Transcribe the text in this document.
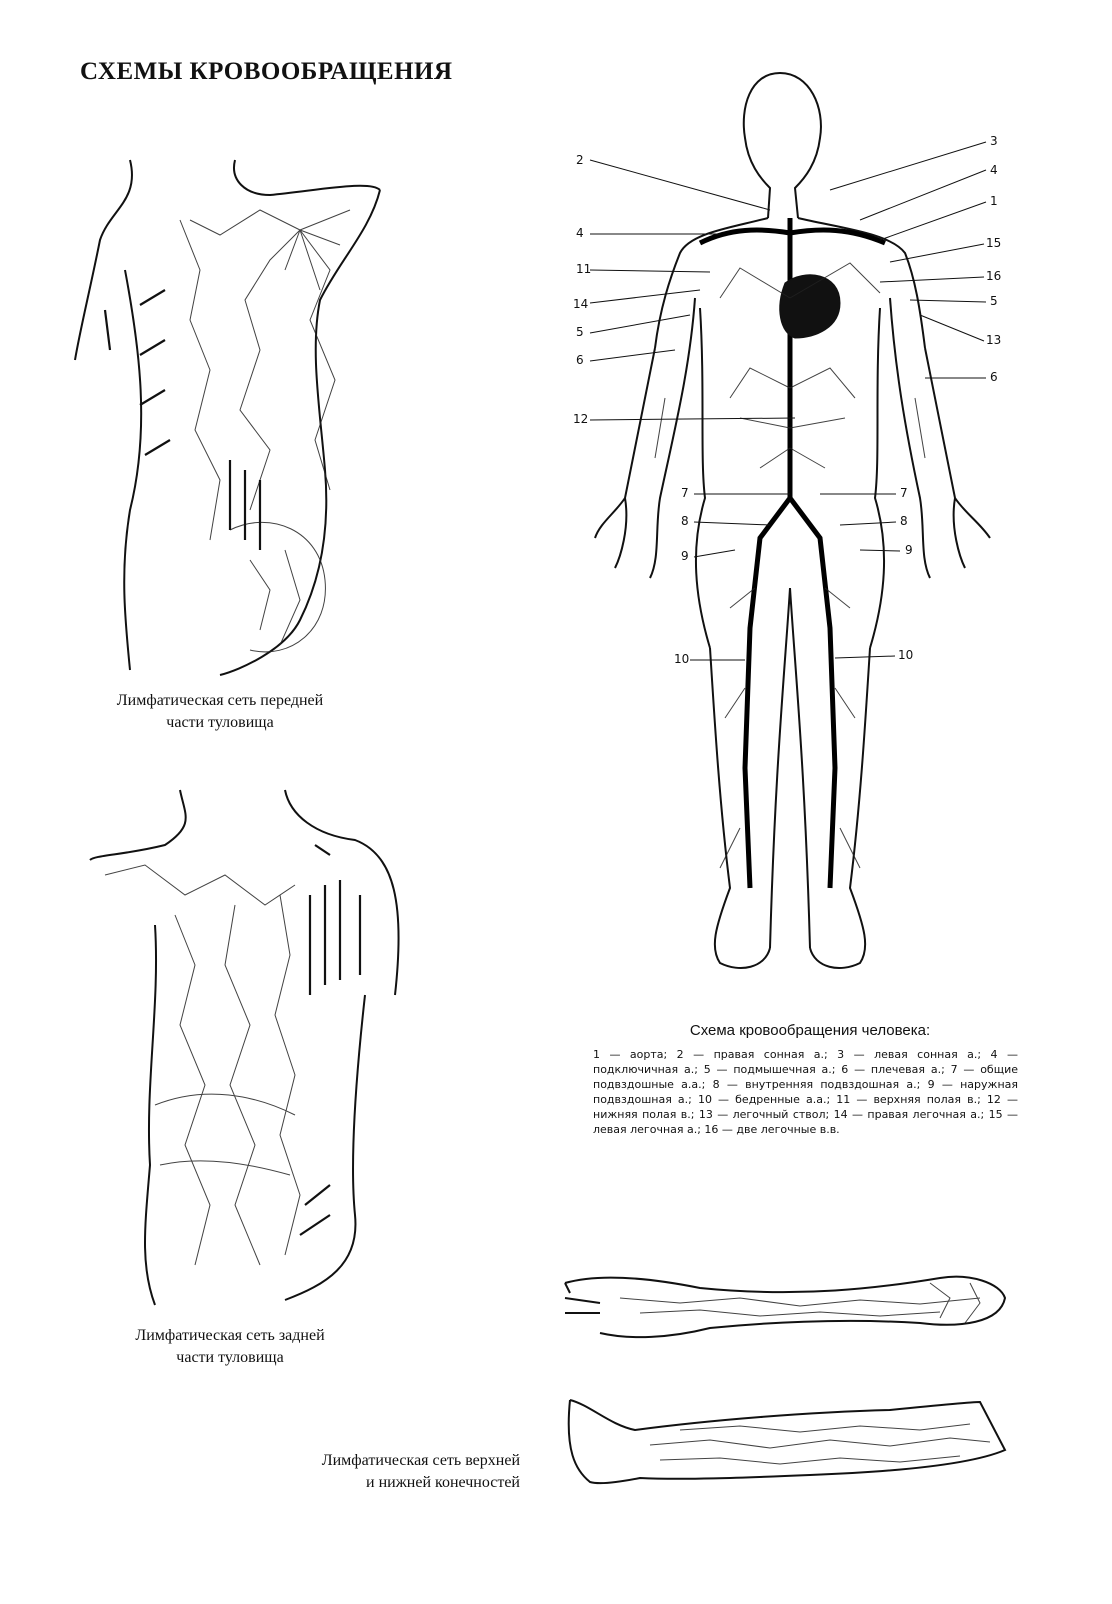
СХЕМЫ КРОВООБРАЩЕНИЯ
Лимфатическая сеть передней
части туловища
Лимфатическая сеть задней
части туловища
2
4
11
14
5
6
12
7
8
9
10
3
4
1
15
16
5
13
6
7
8
9
10
Схема кровообращения человека:
1 — аорта; 2 — правая сонная а.; 3 — левая сонная а.; 4 — подключичная а.; 5 — подмышечная а.; 6 — плечевая а.; 7 — общие подвздошные а.а.; 8 — внутренняя подвздошная а.; 9 — наружная подвздошная а.; 10 — бедренные а.а.; 11 — верхняя полая в.; 12 — нижняя полая в.; 13 — легочный ствол; 14 — правая легочная а.; 15 — левая легочная а.; 16 — две легочные в.в.
Лимфатическая сеть верхней
и нижней конечностей
